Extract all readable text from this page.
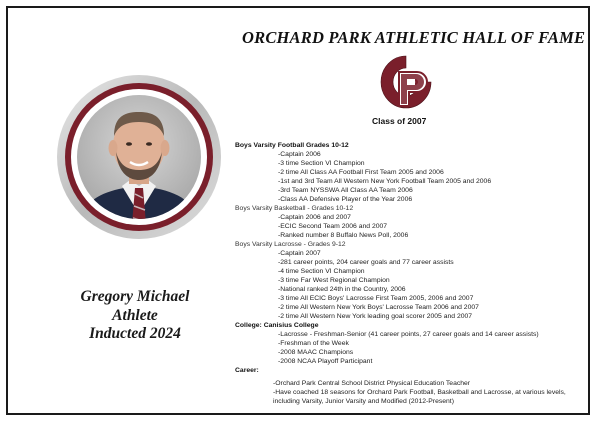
ORCHARD PARK ATHLETIC HALL OF FAME
Class of 2007
Gregory Michael
Athlete
Inducted 2024
Boys Varsity Football Grades 10-12
-Captain 2006
-3 time Section VI Champion
-2 time All Class AA Football First Team 2005 and 2006
-1st and 3rd Team All Western New York Football Team 2005 and 2006
-3rd Team NYSSWA All Class AA Team 2006
-Class AA Defensive Player of the Year 2006
Boys Varsity Basketball - Grades 10-12
-Captain 2006 and 2007
-ECIC Second Team 2006 and 2007
-Ranked number 8 Buffalo News Poll, 2006
Boys Varsity Lacrosse - Grades 9-12
-Captain 2007
-281 career points, 204 career goals and 77 career assists
-4 time Section VI Champion
-3 time Far West Regional Champion
-National ranked 24th in the Country, 2006
-3 time All ECIC Boys' Lacrosse First Team 2005, 2006 and 2007
-2 time All Western New York Boys' Lacrosse Team 2006 and 2007
-2 time All Western New York leading goal scorer 2005 and 2007
College: Canisius College
-Lacrosse - Freshman-Senior (41 career points, 27 career goals and 14 career assists)
-Freshman of the Week
-2008 MAAC Champions
-2008 NCAA Playoff Participant
Career:
-Orchard Park Central School District Physical Education Teacher
-Have coached 18 seasons for Orchard Park Football, Basketball and Lacrosse, at various levels, including Varsity, Junior Varsity and Modified (2012-Present)
